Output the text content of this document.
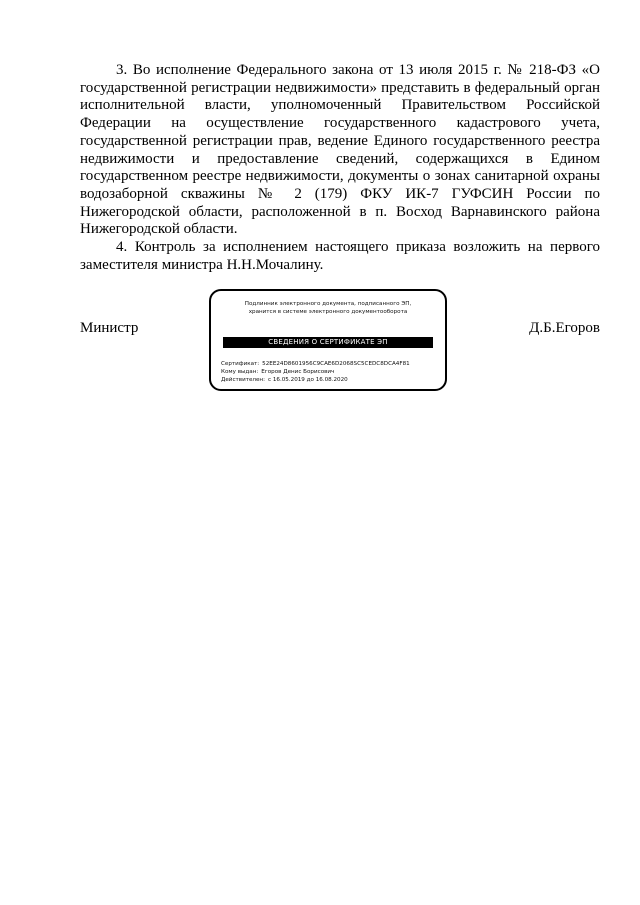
3. Во исполнение Федерального закона от 13 июля 2015 г. № 218-ФЗ «О государственной регистрации недвижимости» представить в федеральный орган исполнительной власти, уполномоченный Правительством Российской Федерации на осуществление государственного кадастрового учета, государственной регистрации прав, ведение Единого государственного реестра недвижимости и предоставление сведений, содержащихся в Едином государственном реестре недвижимости, документы о зонах санитарной охраны водозаборной скважины № 2 (179) ФКУ ИК-7 ГУФСИН России по Нижегородской области, расположенной в п. Восход Варнавинского района Нижегородской области.

4. Контроль за исполнением настоящего приказа возложить на первого заместителя министра Н.Н.Мочалину.

Министр	Д.Б.Егоров
Подлинник электронного документа, подписанного ЭП,
хранится в системе электронного документооборота
СВЕДЕНИЯ О СЕРТИФИКАТЕ ЭП
Сертификат: 52EE24D8601956C9CAE6D2068SC5CEDC8DCA4F81
Кому выдан: Егоров Денис Борисович
Действителен: с 16.05.2019 до 16.08.2020
